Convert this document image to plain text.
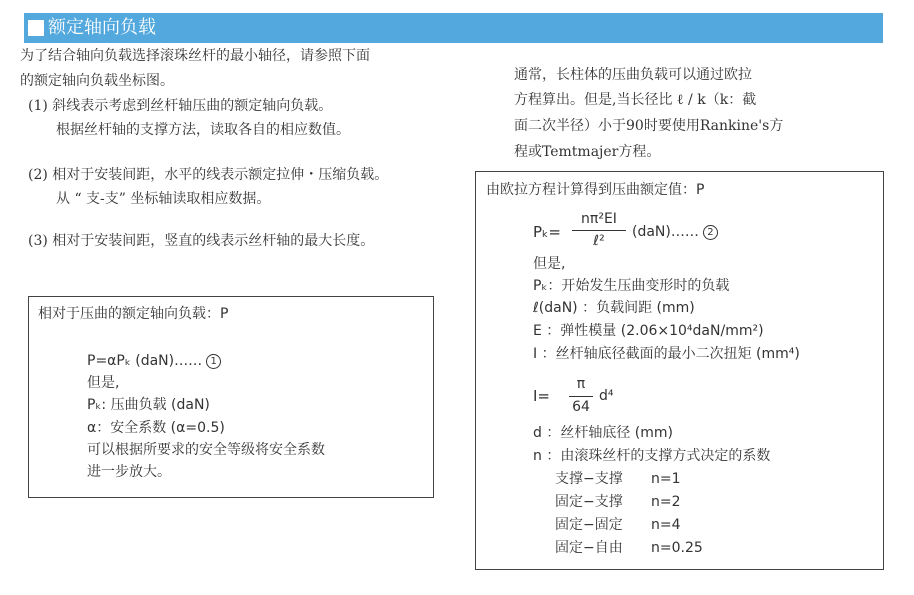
额定轴向负载
为了结合轴向负载选择滚珠丝杆的最小轴径，请参照下面
的额定轴向负载坐标图。
(1) 斜线表示考虑到丝杆轴压曲的额定轴向负载。
根据丝杆轴的支撑方法，读取各自的相应数值。
(2) 相对于安装间距，水平的线表示额定拉伸・压缩负载。
从 “ 支-支” 坐标轴读取相应数据。
(3) 相对于安装间距，竖直的线表示丝杆轴的最大长度。
相对于压曲的额定轴向负载：P
P=αPₖ (daN)…… 1
但是,
Pₖ: 压曲负载 (daN)
α：安全系数 (α=0.5)
可以根据所要求的安全等级将安全系数
进一步放大。
通常，长柱体的压曲负载可以通过欧拉
方程算出。但是,当长径比 ℓ / k（k：截
面二次半径）小于90时要使用Rankine's方
程或Temtmajer方程。
由欧拉方程计算得到压曲额定值：P
Pₖ=
nπ²EI
ℓ²
(daN)…… 2
但是,
Pₖ：开始发生压曲变形时的负载
ℓ(daN) ：负载间距 (mm)
E ：弹性模量 (2.06×10⁴daN/mm²)
I ：丝杆轴底径截面的最小二次扭矩 (mm⁴)
I=
π
64
d⁴
d ：丝杆轴底径 (mm)
n ：由滚珠丝杆的支撑方式决定的系数
支撑−支撑 n=1
固定−支撑 n=2
固定−固定 n=4
固定−自由 n=0.25
